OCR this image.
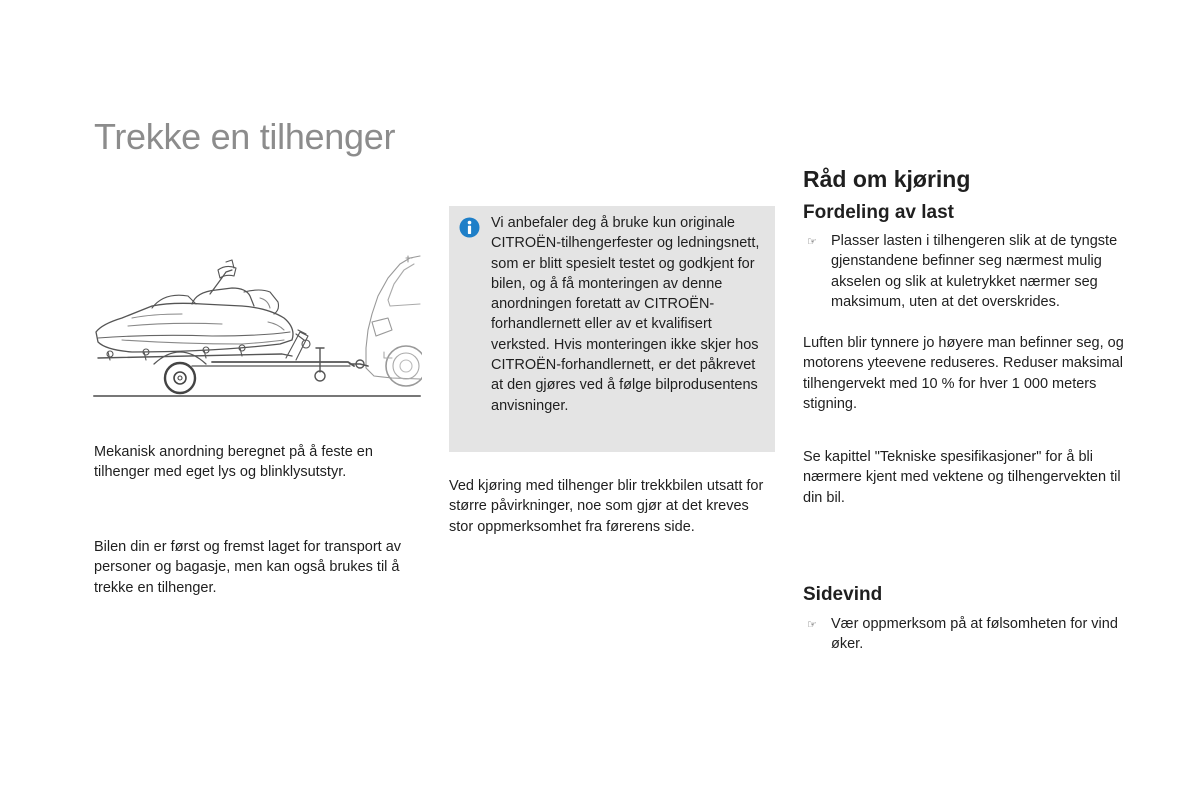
Trekke en tilhenger

Mekanisk anordning beregnet på å feste en tilhenger med eget lys og blinklysutstyr.

Bilen din er først og fremst laget for transport av personer og bagasje, men kan også brukes til å trekke en tilhenger.

Vi anbefaler deg å bruke kun originale CITROËN-tilhengerfester og ledningsnett, som er blitt spesielt testet og godkjent for bilen, og å få monteringen av denne anordningen foretatt av CITROËN-forhandlernett eller av et kvalifisert verksted. Hvis monteringen ikke skjer hos CITROËN-forhandlernett, er det påkrevet at den gjøres ved å følge bilprodusentens anvisninger.

Ved kjøring med tilhenger blir trekkbilen utsatt for større påvirkninger, noe som gjør at det kreves stor oppmerksomhet fra førerens side.

Råd om kjøring
Fordeling av last
☞ Plasser lasten i tilhengeren slik at de tyngste gjenstandene befinner seg nærmest mulig akselen og slik at kuletrykket nærmer seg maksimum, uten at det overskrides.

Luften blir tynnere jo høyere man befinner seg, og motorens yteevene reduseres. Reduser maksimal tilhengervekt med 10 % for hver 1 000 meters stigning.

Se kapittel "Tekniske spesifikasjoner" for å bli nærmere kjent med vektene og tilhengervekten til din bil.

Sidevind
☞ Vær oppmerksom på at følsomheten for vind øker.
